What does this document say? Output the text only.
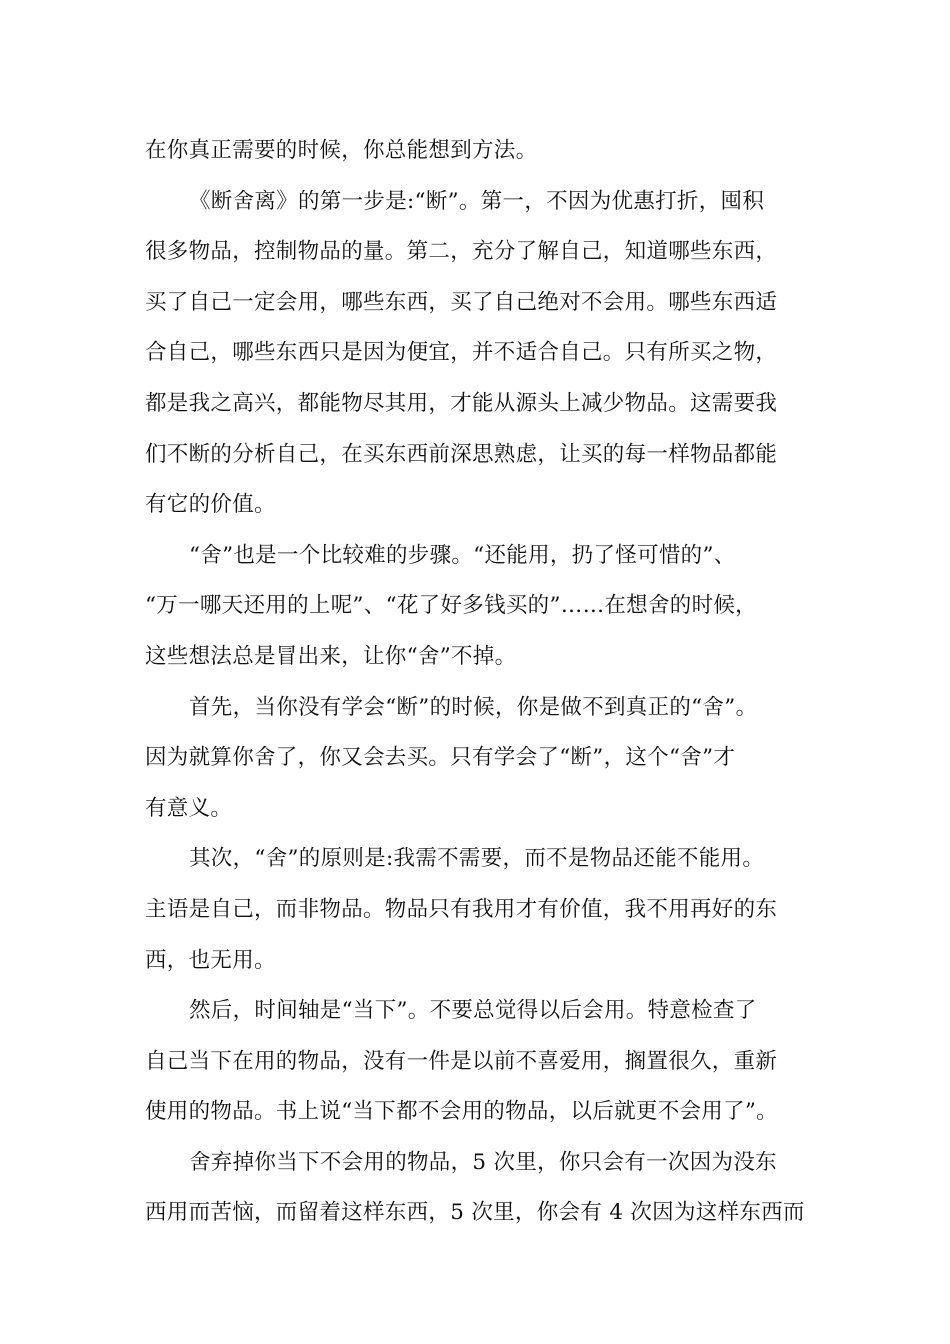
在你真正需要的时候，你总能想到方法。
《断舍离》的第一步是:“断”。第一，不因为优惠打折，囤积
很多物品，控制物品的量。第二，充分了解自己，知道哪些东西，
买了自己一定会用，哪些东西，买了自己绝对不会用。哪些东西适
合自己，哪些东西只是因为便宜，并不适合自己。只有所买之物，
都是我之高兴，都能物尽其用，才能从源头上减少物品。这需要我
们不断的分析自己，在买东西前深思熟虑，让买的每一样物品都能
有它的价值。
“舍”也是一个比较难的步骤。“还能用，扔了怪可惜的”、
“万一哪天还用的上呢”、“花了好多钱买的”……在想舍的时候，
这些想法总是冒出来，让你“舍”不掉。
首先，当你没有学会“断”的时候，你是做不到真正的“舍”。
因为就算你舍了，你又会去买。只有学会了“断”，这个“舍”才
有意义。
其次，“舍”的原则是:我需不需要，而不是物品还能不能用。
主语是自己，而非物品。物品只有我用才有价值，我不用再好的东
西，也无用。
然后，时间轴是“当下”。不要总觉得以后会用。特意检查了
自己当下在用的物品，没有一件是以前不喜爱用，搁置很久，重新
使用的物品。书上说“当下都不会用的物品，以后就更不会用了”。
舍弃掉你当下不会用的物品，5 次里，你只会有一次因为没东
西用而苦恼，而留着这样东西，5 次里，你会有 4 次因为这样东西而
